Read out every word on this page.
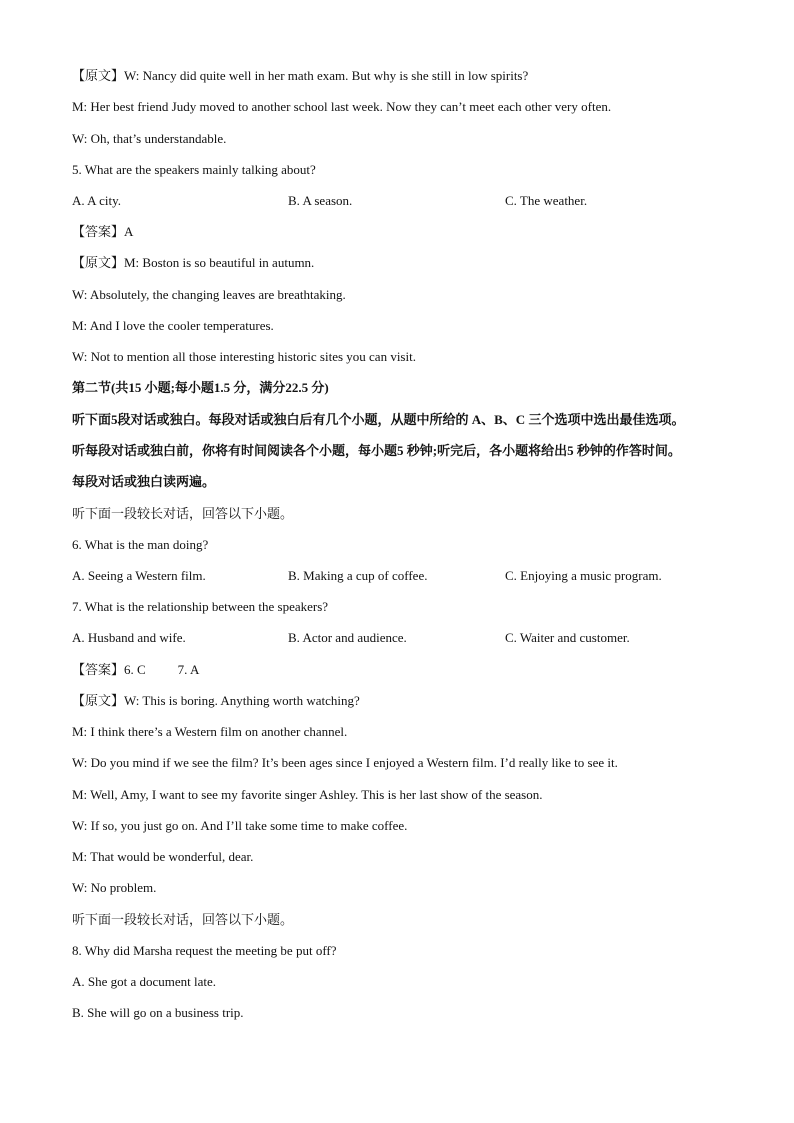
【原文】W: Nancy did quite well in her math exam. But why is she still in low spirits?
M: Her best friend Judy moved to another school last week. Now they can’t meet each other very often.
W: Oh, that’s understandable.
5. What are the speakers mainly talking about?
A. A city.	B. A season.	C. The weather.
【答案】A
【原文】M: Boston is so beautiful in autumn.
W: Absolutely, the changing leaves are breathtaking.
M: And I love the cooler temperatures.
W: Not to mention all those interesting historic sites you can visit.
第二节(共15 小题;每小题1.5 分，满分22.5 分)
听下面5段对话或独白。每段对话或独白后有几个小题，从题中所给的 A、B、C 三个选项中选出最佳选项。
听每段对话或独白前，你将有时间阅读各个小题，每小题5 秒钟;听完后，各小题将给出5 秒钟的作答时间。
每段对话或独白读两遍。
听下面一段较长对话，回答以下小题。
6. What is the man doing?
A. Seeing a Western film.	B. Making a cup of coffee.	C. Enjoying a music program.
7. What is the relationship between the speakers?
A. Husband and wife.	B. Actor and audience.	C. Waiter and customer.
【答案】6. C 7. A
【原文】W: This is boring. Anything worth watching?
M: I think there’s a Western film on another channel.
W: Do you mind if we see the film? It’s been ages since I enjoyed a Western film. I’d really like to see it.
M: Well, Amy, I want to see my favorite singer Ashley. This is her last show of the season.
W: If so, you just go on. And I’ll take some time to make coffee.
M: That would be wonderful, dear.
W: No problem.
听下面一段较长对话，回答以下小题。
8. Why did Marsha request the meeting be put off?
A. She got a document late.
B. She will go on a business trip.
